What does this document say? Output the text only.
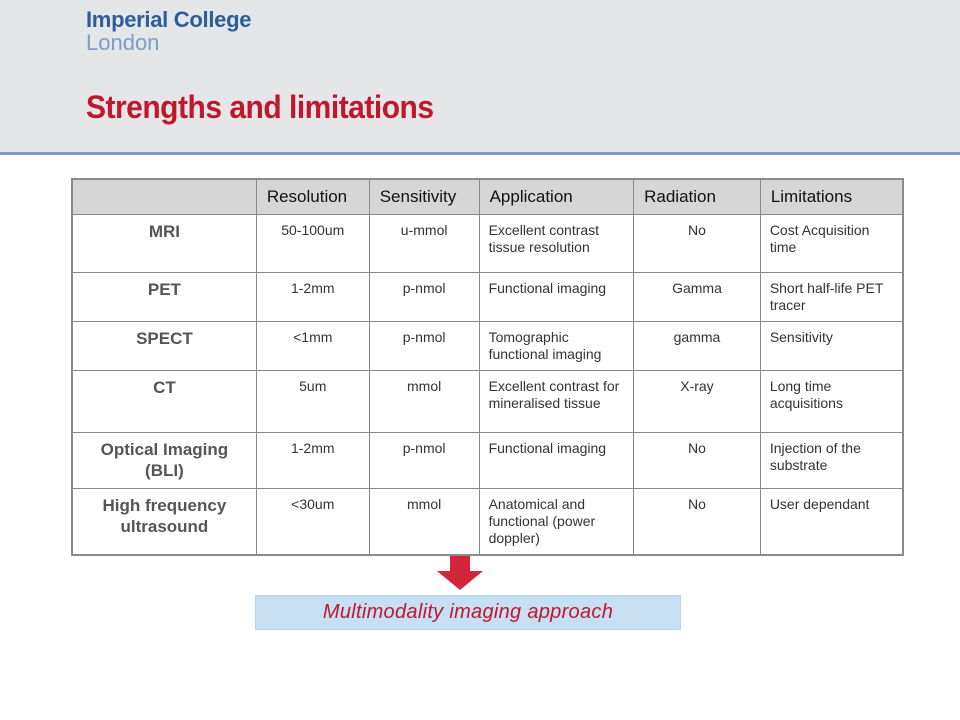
Imperial College
London
Strengths and limitations
	Resolution	Sensitivity	Application	Radiation	Limitations
MRI	50-100um	u-mmol	Excellent contrast tissue resolution	No	Cost Acquisition time
PET	1-2mm	p-nmol	Functional imaging	Gamma	Short half-life PET tracer
SPECT	<1mm	p-nmol	Tomographic functional imaging	gamma	Sensitivity
CT	5um	mmol	Excellent contrast for mineralised tissue	X-ray	Long time acquisitions
Optical Imaging (BLI)	1-2mm	p-nmol	Functional imaging	No	Injection of the substrate
High frequency ultrasound	<30um	mmol	Anatomical and functional (power doppler)	No	User dependant
Multimodality imaging approach
